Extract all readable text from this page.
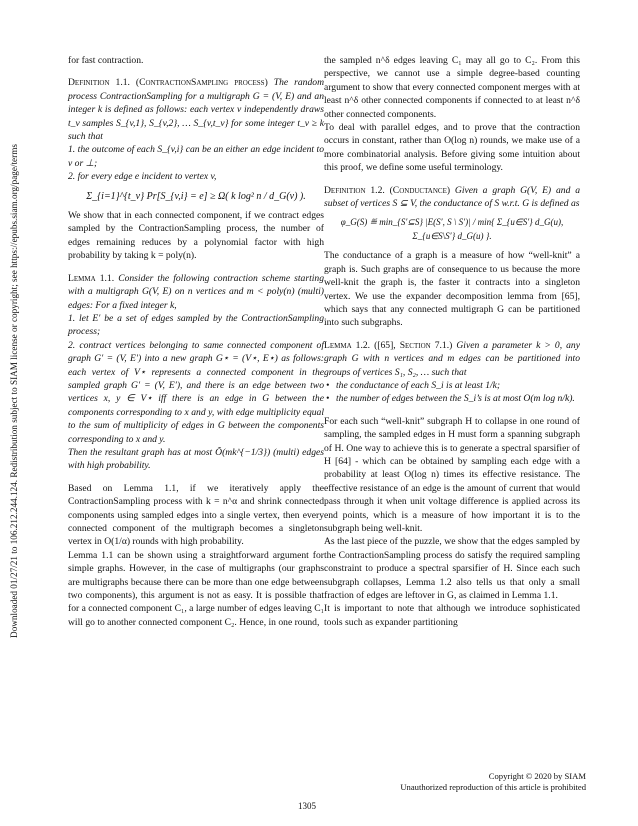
Downloaded 01/27/21 to 106.212.244.124. Redistribution subject to SIAM license or copyright; see https://epubs.siam.org/page/terms

for fast contraction.

Definition 1.1. (ContractionSampling process) The random process ContractionSampling for a multigraph G = (V, E) and an integer k is defined as follows: each vertex v independently draws t_v samples S_{v,1}, S_{v,2}, … S_{v,t_v} for some integer t_v ≥ k such that

1. the outcome of each S_{v,i} can be an either an edge incident to v or ⊥;

2. for every edge e incident to vertex v,

Σ_{i=1}^{t_v} Pr[S_{v,i} = e] ≥ Ω( k log² n / d_G(v) ).

We show that in each connected component, if we contract edges sampled by the ContractionSampling process, the number of edges remaining reduces by a polynomial factor with high probability by taking k = poly(n).

Lemma 1.1. Consider the following contraction scheme starting with a multigraph G(V, E) on n vertices and m < poly(n) (multi) edges: For a fixed integer k,

1. let E′ be a set of edges sampled by the ContractionSampling process;

2. contract vertices belonging to same connected component of graph G′ = (V, E′) into a new graph G⋆ = (V⋆, E⋆) as follows: each vertex of V⋆ represents a connected component in the sampled graph G′ = (V, E′), and there is an edge between two vertices x, y ∈ V⋆ iff there is an edge in G between the components corresponding to x and y, with edge multiplicity equal to the sum of multiplicity of edges in G between the components corresponding to x and y.

Then the resultant graph has at most Õ(mk^{−1/3}) (multi) edges with high probability.

Based on Lemma 1.1, if we iteratively apply the ContractionSampling process with k = n^α and shrink connected components using sampled edges into a single vertex, then every connected component of the multigraph becomes a singleton vertex in O(1/α) rounds with high probability.

Lemma 1.1 can be shown using a straightforward argument for simple graphs. However, in the case of multigraphs (our graphs are multigraphs because there can be more than one edge between two components), this argument is not as easy. It is possible that for a connected component C₁, a large number of edges leaving C₁ will go to another connected component C₂. Hence, in one round,

the sampled n^δ edges leaving C₁ may all go to C₂. From this perspective, we cannot use a simple degree-based counting argument to show that every connected component merges with at least n^δ other connected components if connected to at least n^δ other connected components.

To deal with parallel edges, and to prove that the contraction occurs in constant, rather than O(log n) rounds, we make use of a more combinatorial analysis. Before giving some intuition about this proof, we define some useful terminology.

Definition 1.2. (Conductance) Given a graph G(V, E) and a subset of vertices S ⊆ V, the conductance of S w.r.t. G is defined as

φ_G(S) ≝ min_{S′⊆S} |E(S′, S \ S′)| / min{ Σ_{u∈S′} d_G(u), Σ_{u∈S\S′} d_G(u) }.

The conductance of a graph is a measure of how “well-knit” a graph is. Such graphs are of consequence to us because the more well-knit the graph is, the faster it contracts into a singleton vertex. We use the expander decomposition lemma from [65], which says that any connected multigraph G can be partitioned into such subgraphs.

Lemma 1.2. ([65], Section 7.1.) Given a parameter k > 0, any graph G with n vertices and m edges can be partitioned into groups of vertices S₁, S₂, … such that

• the conductance of each S_i is at least 1/k;
• the number of edges between the S_i’s is at most O(m log n/k).

For each such “well-knit” subgraph H to collapse in one round of sampling, the sampled edges in H must form a spanning subgraph of H. One way to achieve this is to generate a spectral sparsifier of H [64] - which can be obtained by sampling each edge with a probability at least O(log n) times its effective resistance. The effective resistance of an edge is the amount of current that would pass through it when unit voltage difference is applied across its end points, which is a measure of how important it is to the subgraph being well-knit.

As the last piece of the puzzle, we show that the edges sampled by the ContractionSampling process do satisfy the required sampling constraint to produce a spectral sparsifier of H. Since each such subgraph collapses, Lemma 1.2 also tells us that only a small fraction of edges are leftover in G, as claimed in Lemma 1.1.

It is important to note that although we introduce sophisticated tools such as expander partitioning

Copyright © 2020 by SIAM
Unauthorized reproduction of this article is prohibited
1305
